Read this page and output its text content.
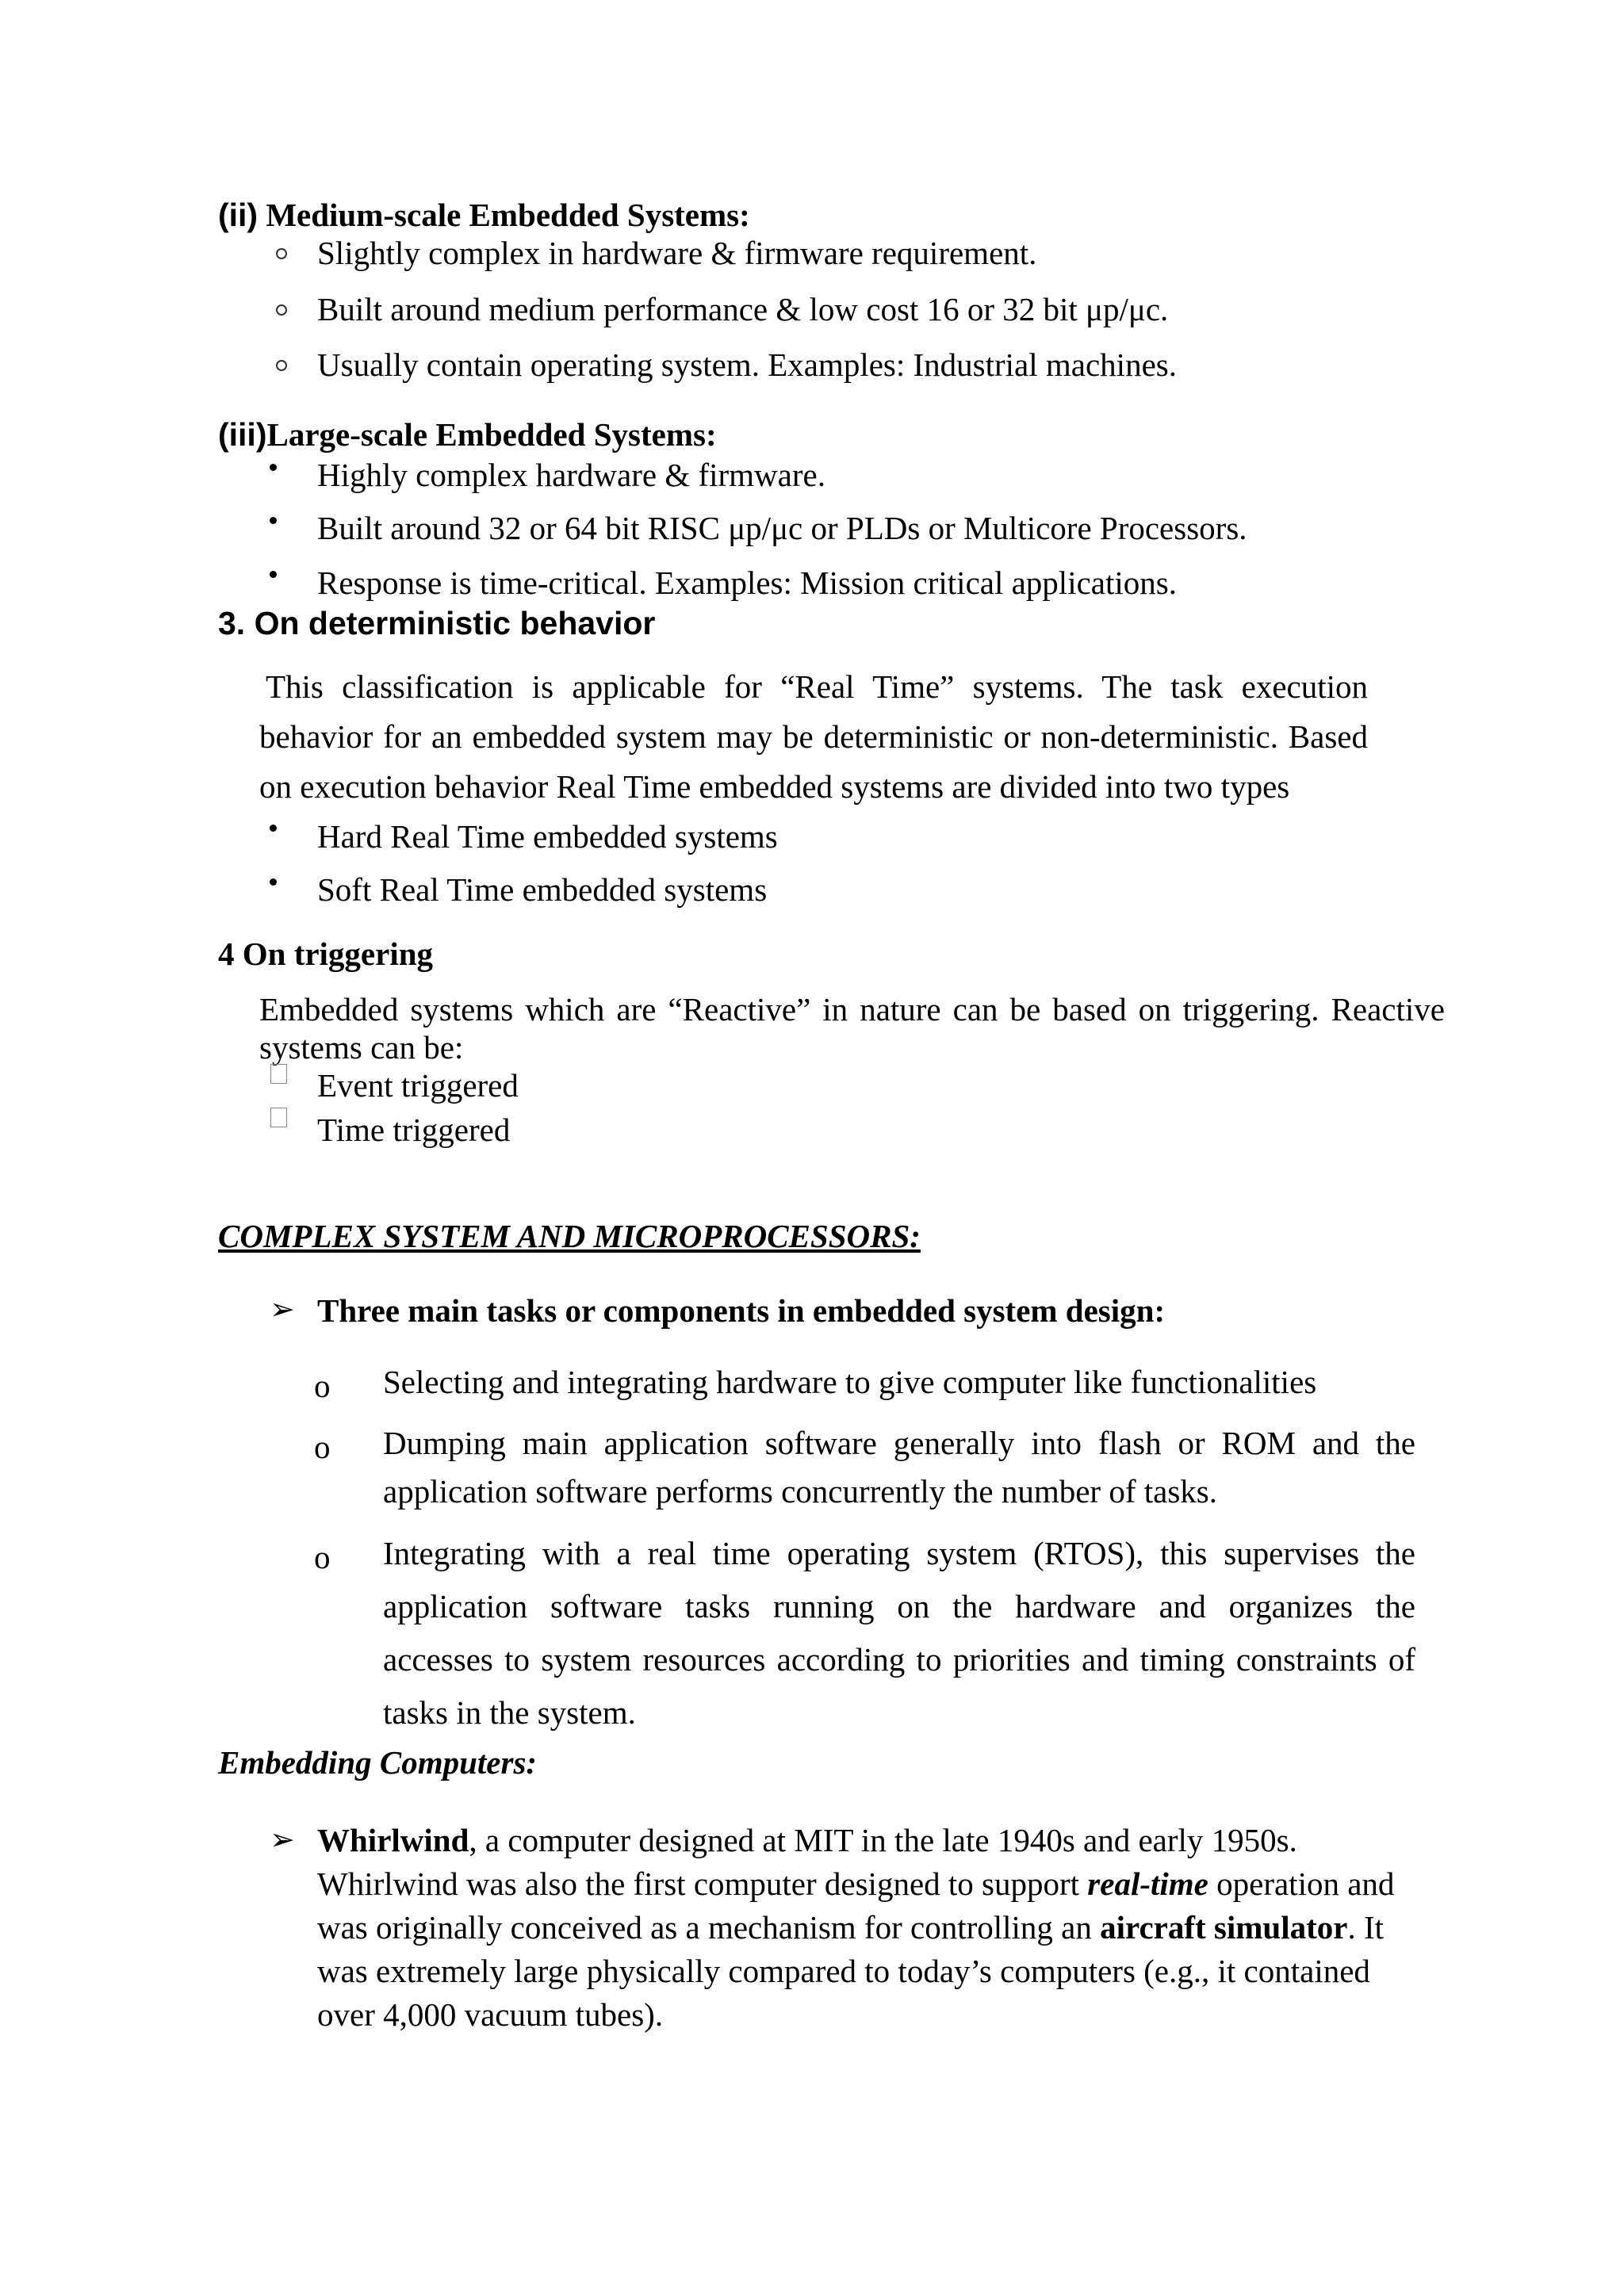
(ii) Medium-scale Embedded Systems:
Slightly complex in hardware & firmware requirement.
Built around medium performance & low cost 16 or 32 bit μp/μc.
Usually contain operating system. Examples: Industrial machines.
(iii)Large-scale Embedded Systems:
Highly complex hardware & firmware.
Built around 32 or 64 bit RISC μp/μc or PLDs or Multicore Processors.
Response is time-critical. Examples: Mission critical applications.
3. On deterministic behavior
This classification is applicable for “Real Time” systems. The task execution
behavior for an embedded system may be deterministic or non-deterministic. Based
on execution behavior Real Time embedded systems are divided into two types
Hard Real Time embedded systems
Soft Real Time embedded systems
4 On triggering
Embedded systems which are “Reactive” in nature can be based on triggering. Reactive
systems can be:
Event triggered
Time triggered
COMPLEX SYSTEM AND MICROPROCESSORS:
➢ Three main tasks or components in embedded system design:
o Selecting and integrating hardware to give computer like functionalities
o Dumping main application software generally into flash or ROM and the
application software performs concurrently the number of tasks.
o Integrating with a real time operating system (RTOS), this supervises the
application software tasks running on the hardware and organizes the
accesses to system resources according to priorities and timing constraints of
tasks in the system.
Embedding Computers:
➢ Whirlwind, a computer designed at MIT in the late 1940s and early 1950s.
Whirlwind was also the first computer designed to support real-time operation and
was originally conceived as a mechanism for controlling an aircraft simulator. It
was extremely large physically compared to today’s computers (e.g., it contained
over 4,000 vacuum tubes).
